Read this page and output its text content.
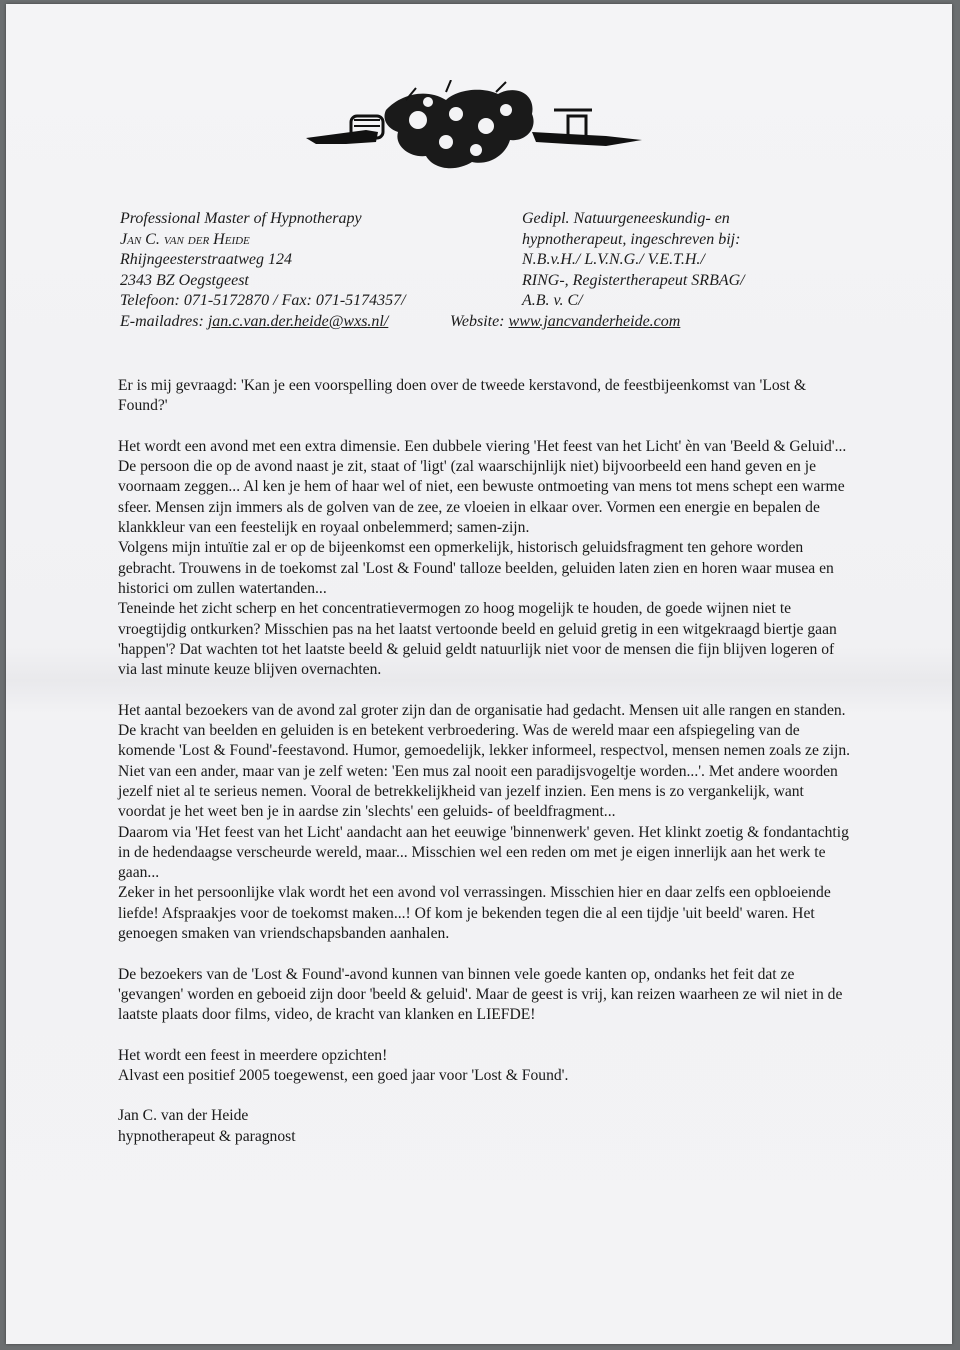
Professional Master of Hypnotherapy
Jan C. van der Heide
Rhijngeesterstraatweg 124
2343 BZ Oegstgeest
Telefoon: 071-5172870 / Fax: 071-5174357/
E-mailadres: jan.c.van.der.heide@wxs.nl/
Gedipl. Natuurgeneeskundig- en
hypnotherapeut, ingeschreven bij:
N.B.v.H./ L.V.N.G./ V.E.T.H./
RING-, Registertherapeut SRBAG/
A.B. v. C/
Website: www.jancvanderheide.com

Er is mij gevraagd: 'Kan je een voorspelling doen over de tweede kerstavond, de feestbijeenkomst van 'Lost & Found?'

Het wordt een avond met een extra dimensie. Een dubbele viering 'Het feest van het Licht' èn van 'Beeld & Geluid'...

De persoon die op de avond naast je zit, staat of 'ligt' (zal waarschijnlijk niet) bijvoorbeeld een hand geven en je voornaam zeggen... Al ken je hem of haar wel of niet, een bewuste ontmoeting van mens tot mens schept een warme sfeer. Mensen zijn immers als de golven van de zee, ze vloeien in elkaar over. Vormen een energie en bepalen de klankkleur van een feestelijk en royaal onbelemmerd; samen-zijn.

Volgens mijn intuïtie zal er op de bijeenkomst een opmerkelijk, historisch geluidsfragment ten gehore worden gebracht. Trouwens in de toekomst zal 'Lost & Found' talloze beelden, geluiden laten zien en horen waar musea en historici om zullen watertanden...

Teneinde het zicht scherp en het concentratievermogen zo hoog mogelijk te houden, de goede wijnen niet te vroegtijdig ontkurken? Misschien pas na het laatst vertoonde beeld en geluid gretig in een witgekraagd biertje gaan 'happen'? Dat wachten tot het laatste beeld & geluid geldt natuurlijk niet voor de mensen die fijn blijven logeren of via last minute keuze blijven overnachten.

Het aantal bezoekers van de avond zal groter zijn dan de organisatie had gedacht. Mensen uit alle rangen en standen. De kracht van beelden en geluiden is en betekent verbroedering. Was de wereld maar een afspiegeling van de komende 'Lost & Found'-feestavond. Humor, gemoedelijk, lekker informeel, respectvol, mensen nemen zoals ze zijn.

Niet van een ander, maar van je zelf weten: 'Een mus zal nooit een paradijsvogeltje worden...'. Met andere woorden jezelf niet al te serieus nemen. Vooral de betrekkelijkheid van jezelf inzien. Een mens is zo vergankelijk, want voordat je het weet ben je in aardse zin 'slechts' een geluids- of beeldfragment...

Daarom via 'Het feest van het Licht' aandacht aan het eeuwige 'binnenwerk' geven. Het klinkt zoetig & fondantachtig in de hedendaagse verscheurde wereld, maar... Misschien wel een reden om met je eigen innerlijk aan het werk te gaan...

Zeker in het persoonlijke vlak wordt het een avond vol verrassingen. Misschien hier en daar zelfs een opbloeiende liefde! Afspraakjes voor de toekomst maken...! Of kom je bekenden tegen die al een tijdje 'uit beeld' waren. Het genoegen smaken van vriendschapsbanden aanhalen.

De bezoekers van de 'Lost & Found'-avond kunnen van binnen vele goede kanten op, ondanks het feit dat ze 'gevangen' worden en geboeid zijn door 'beeld & geluid'. Maar de geest is vrij, kan reizen waarheen ze wil niet in de laatste plaats door films, video, de kracht van klanken en LIEFDE!

Het wordt een feest in meerdere opzichten!

Alvast een positief 2005 toegewenst, een goed jaar voor 'Lost & Found'.

Jan C. van der Heide

hypnotherapeut & paragnost
